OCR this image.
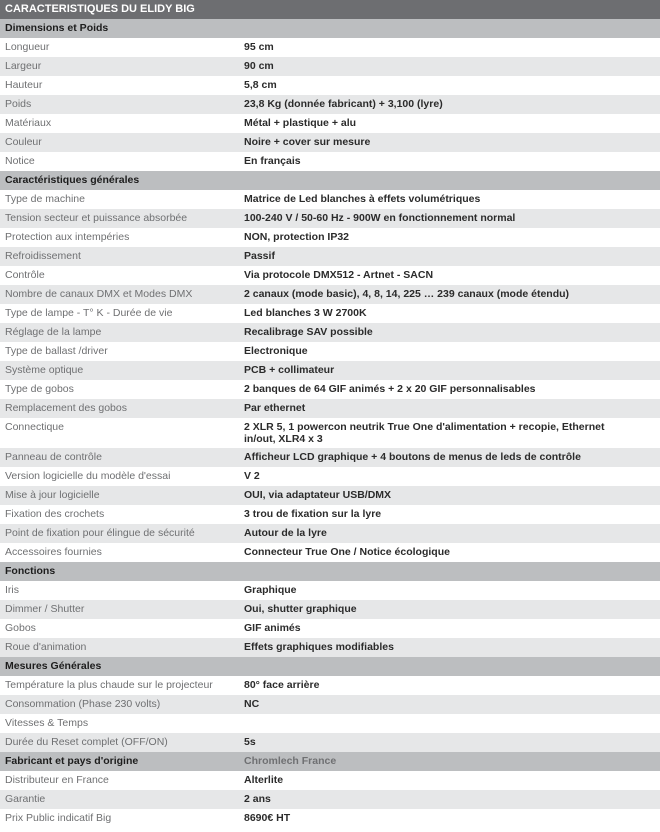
CARACTERISTIQUES DU ELIDY BIG
Dimensions et Poids
Longueur	95 cm
Largeur	90 cm
Hauteur	5,8 cm
Poids	23,8 Kg (donnée fabricant) + 3,100 (lyre)
Matériaux	Métal + plastique + alu
Couleur	Noire + cover sur mesure
Notice	En français
Caractéristiques générales
Type de machine	Matrice de Led blanches à effets volumétriques
Tension secteur et puissance absorbée	100-240 V / 50-60 Hz - 900W en fonctionnement normal
Protection aux intempéries	NON, protection IP32
Refroidissement	Passif
Contrôle	Via protocole DMX512 - Artnet - SACN
Nombre de canaux DMX et Modes DMX	2 canaux (mode basic), 4, 8, 14, 225 … 239 canaux (mode étendu)
Type de lampe - T° K - Durée de vie	Led blanches 3 W 2700K
Réglage de la lampe	Recalibrage SAV possible
Type de ballast /driver	Electronique
Système optique	PCB + collimateur
Type de gobos	2 banques de 64 GIF animés + 2 x 20 GIF personnalisables
Remplacement des gobos	Par ethernet
Connectique	2 XLR 5, 1 powercon neutrik True One d'alimentation + recopie, Ethernet in/out, XLR4 x 3
Panneau de contrôle	Afficheur LCD graphique + 4 boutons de menus de leds de contrôle
Version logicielle du modèle d'essai	V 2
Mise à jour logicielle	OUI, via adaptateur USB/DMX
Fixation des crochets	3 trou de fixation sur la lyre
Point de fixation pour élingue de sécurité	Autour de la lyre
Accessoires fournies	Connecteur True One / Notice écologique
Fonctions
Iris	Graphique
Dimmer / Shutter	Oui, shutter graphique
Gobos	GIF animés
Roue d'animation	Effets graphiques modifiables
Mesures Générales
Température la plus chaude sur le projecteur	80° face arrière
Consommation (Phase 230 volts)	NC
Vitesses & Temps
Durée du Reset complet (OFF/ON)	5s
Fabricant et pays d'origine	Chromlech France
Distributeur en France	Alterlite
Garantie	2 ans
Prix Public indicatif Big	8690€ HT
